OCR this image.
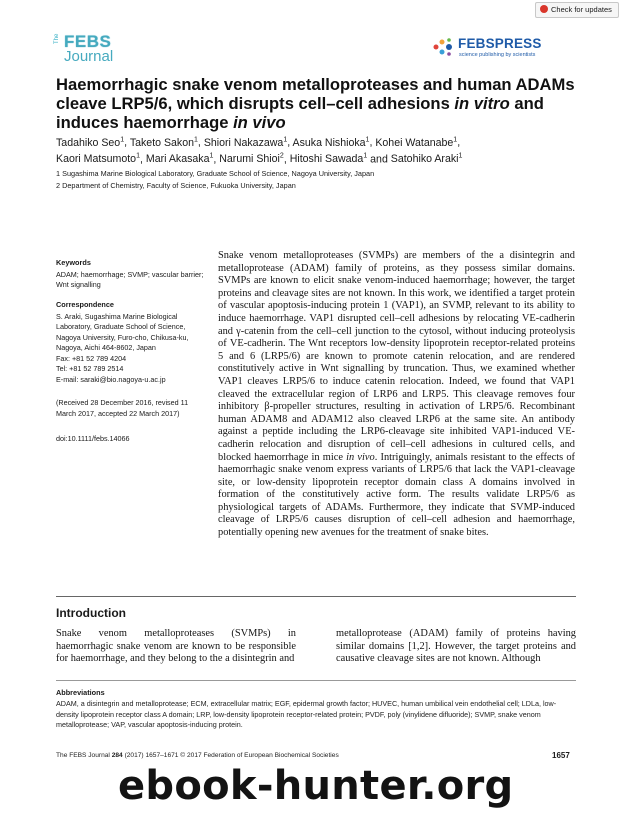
Check for updates
The FEBS
Journal
FEBSPRESS
science publishing by scientists
Haemorrhagic snake venom metalloproteases and human ADAMs cleave LRP5/6, which disrupts cell–cell adhesions in vitro and induces haemorrhage in vivo
Tadahiko Seo$^1$, Taketo Sakon$^1$, Shiori Nakazawa$^1$, Asuka Nishioka$^1$, Kohei Watanabe$^1$,
Kaori Matsumoto$^1$, Mari Akasaka$^1$, Narumi Shioi$^2$, Hitoshi Sawada$^1$ and Satohiko Araki$^1$
1 Sugashima Marine Biological Laboratory, Graduate School of Science, Nagoya University, Japan
2 Department of Chemistry, Faculty of Science, Fukuoka University, Japan
Keywords
ADAM; haemorrhage; SVMP; vascular barrier; Wnt signalling
Correspondence
S. Araki, Sugashima Marine Biological
Laboratory, Graduate School of Science,
Nagoya University, Furo-cho, Chikusa-ku,
Nagoya, Aichi 464-8602, Japan
Fax: +81 52 789 4204
Tel: +81 52 789 2514
E-mail: saraki@bio.nagoya-u.ac.jp
(Received 28 December 2016, revised 11 March 2017, accepted 22 March 2017)
doi:10.1111/febs.14066
Snake venom metalloproteases (SVMPs) are members of the a disintegrin and metalloprotease (ADAM) family of proteins, as they possess similar domains. SVMPs are known to elicit snake venom-induced haemorrhage; however, the target proteins and cleavage sites are not known. In this work, we identified a target protein of vascular apoptosis-inducing protein 1 (VAP1), an SVMP, relevant to its ability to induce haemorrhage. VAP1 disrupted cell–cell adhesions by relocating VE-cadherin and γ-catenin from the cell–cell junction to the cytosol, without inducing proteolysis of VE-cadherin. The Wnt receptors low-density lipoprotein receptor-related proteins 5 and 6 (LRP5/6) are known to promote catenin relocation, and are rendered constitutively active in Wnt signalling by truncation. Thus, we examined whether VAP1 cleaves LRP5/6 to induce catenin relocation. Indeed, we found that VAP1 cleaved the extracellular region of LRP6 and LRP5. This cleavage removes four inhibitory β-propeller structures, resulting in activation of LRP5/6. Recombinant human ADAM8 and ADAM12 also cleaved LRP6 at the same site. An antibody against a peptide including the LRP6-cleavage site inhibited VAP1-induced VE-cadherin relocation and disruption of cell–cell adhesions in cultured cells, and blocked haemorrhage in mice in vivo. Intriguingly, animals resistant to the effects of haemorrhagic snake venom express variants of LRP5/6 that lack the VAP1-cleavage site, or low-density lipoprotein receptor domain class A domains involved in formation of the constitutively active form. The results validate LRP5/6 as physiological targets of ADAMs. Furthermore, they indicate that SVMP-induced cleavage of LRP5/6 causes disruption of cell–cell adhesion and haemorrhage, potentially opening new avenues for the treatment of snake bites.
Introduction
Snake venom metalloproteases (SVMPs) in haemorrhagic snake venom are known to be responsible for haemorrhage, and they belong to the a disintegrin and
metalloprotease (ADAM) family of proteins having similar domains [1,2]. However, the target proteins and causative cleavage sites are not known. Although
Abbreviations
ADAM, a disintegrin and metalloprotease; ECM, extracellular matrix; EGF, epidermal growth factor; HUVEC, human umbilical vein endothelial cell; LDLa, low-density lipoprotein receptor class A domain; LRP, low-density lipoprotein receptor-related protein; PVDF, poly (vinylidene difluoride); SVMP, snake venom metalloprotease; VAP, vascular apoptosis-inducing protein.
The FEBS Journal 284 (2017) 1657–1671 © 2017 Federation of European Biochemical Societies	1657
ebook-hunter.org
